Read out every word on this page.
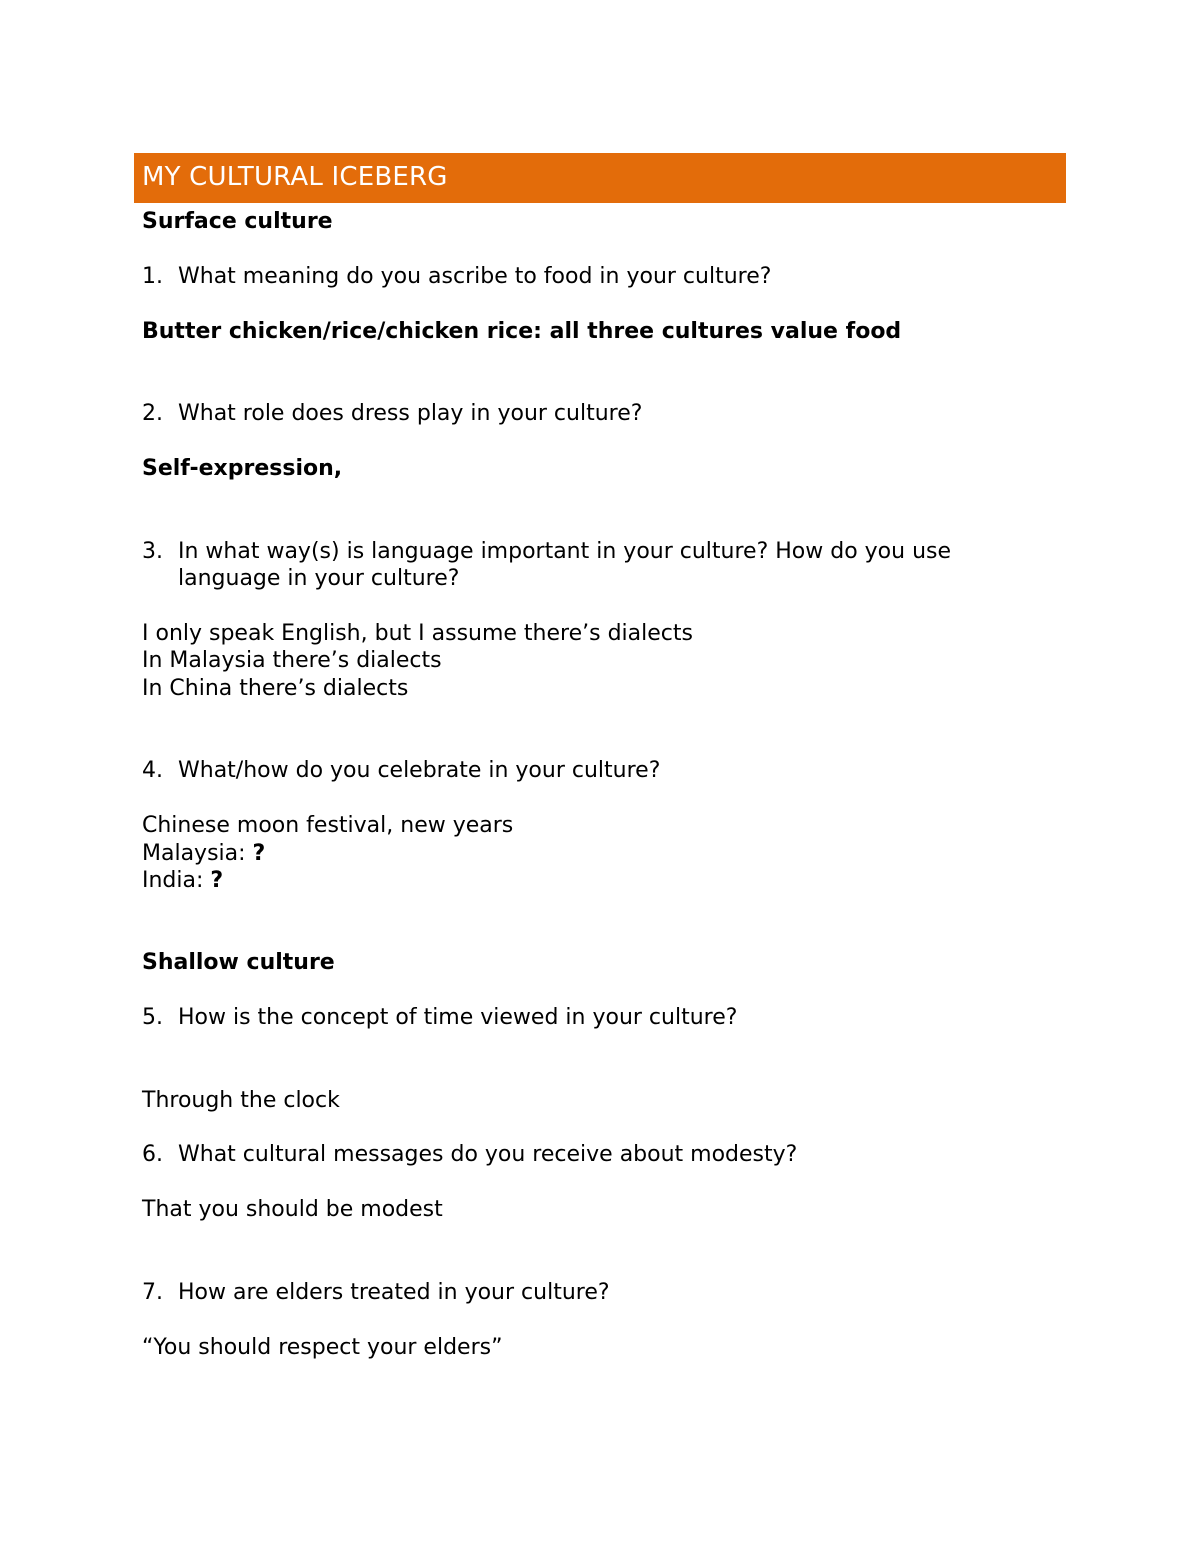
MY CULTURAL ICEBERG
Surface culture
1. What meaning do you ascribe to food in your culture?
Butter chicken/rice/chicken rice: all three cultures value food
2. What role does dress play in your culture?
Self-expression,
3. In what way(s) is language important in your culture? How do you use
language in your culture?
I only speak English, but I assume there’s dialects
In Malaysia there’s dialects
In China there’s dialects
4. What/how do you celebrate in your culture?
Chinese moon festival, new years
Malaysia: ?
India: ?
Shallow culture
5. How is the concept of time viewed in your culture?
Through the clock
6. What cultural messages do you receive about modesty?
That you should be modest
7. How are elders treated in your culture?
“You should respect your elders”
